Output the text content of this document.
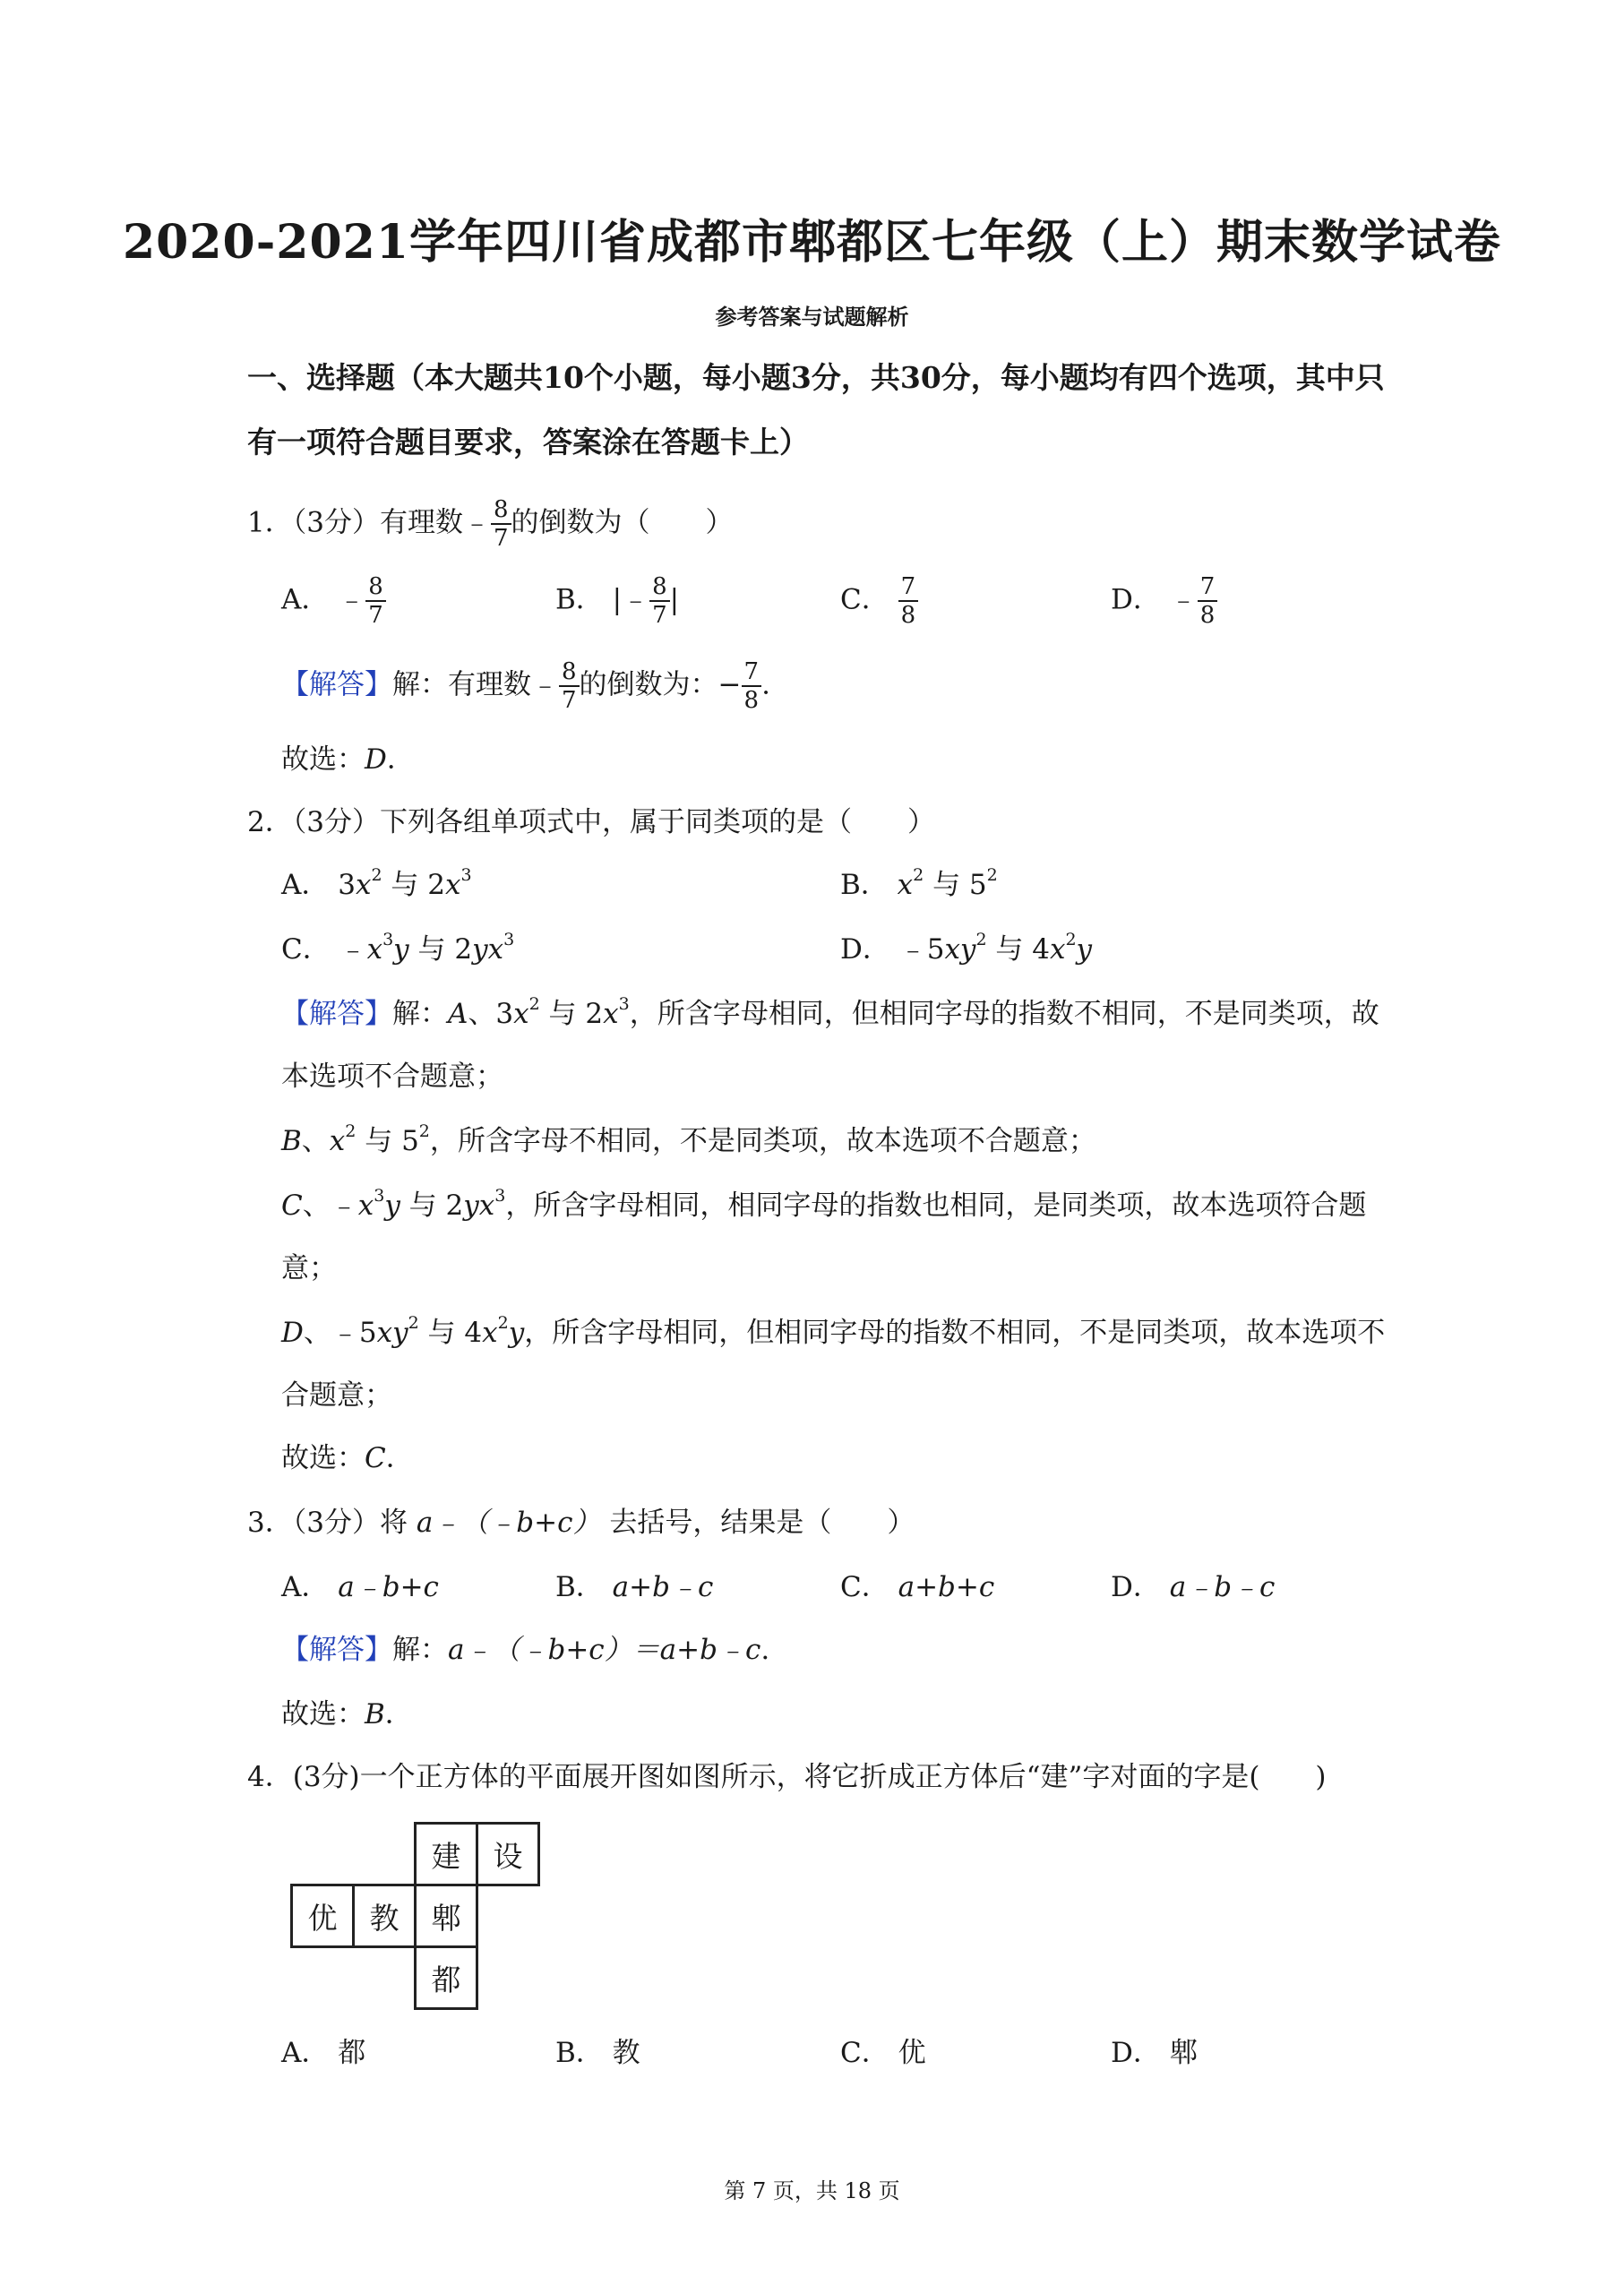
2020-2021学年四川省成都市郫都区七年级（上）期末数学试卷
参考答案与试题解析
一、选择题（本大题共10个小题，每小题3分，共30分，每小题均有四个选项，其中只
有一项符合题目要求，答案涂在答题卡上）
1．（3分）有理数﹣ $\frac{8}{7}$ 的倒数为（　　）
A． ﹣ $\frac{8}{7}$	B． |﹣ $\frac{8}{7}$ |	C． $\frac{7}{8}$	D． ﹣ $\frac{7}{8}$
【解答】解：有理数﹣ $\frac{8}{7}$ 的倒数为：− $\frac{7}{8}$ .
故选：D．
2．（3分）下列各组单项式中，属于同类项的是（　　）
A． $3x^2$ 与 $2x^3$	B． $x^2$ 与 $5^2$
C． $﹣x^3y$ 与 $2yx^3$	D． $﹣5xy^2$ 与 $4x^2y$
【解答】解：A、$3x^2$ 与 $2x^3$，所含字母相同，但相同字母的指数不相同，不是同类项，故
本选项不合题意；
B、$x^2$ 与 $5^2$，所含字母不相同，不是同类项，故本选项不合题意；
C、$﹣x^3y$ 与 $2yx^3$，所含字母相同，相同字母的指数也相同，是同类项，故本选项符合题
意；
D、$﹣5xy^2$ 与 $4x^2y$，所含字母相同，但相同字母的指数不相同，不是同类项，故本选项不
合题意；
故选：C．
3．（3分）将 a﹣（﹣b+c） 去括号，结果是（　　）
A． a﹣b+c	B． a+b﹣c	C． a+b+c	D． a﹣b﹣c
【解答】解：a﹣（﹣b+c）＝a+b﹣c.
故选：B．
4．(3分)一个正方体的平面展开图如图所示，将它折成正方体后“建”字对面的字是(　　)
		建	设
优	教	郫	
		都	
A． 都	B． 教	C． 优	D． 郫
第 7 页，共 18 页
